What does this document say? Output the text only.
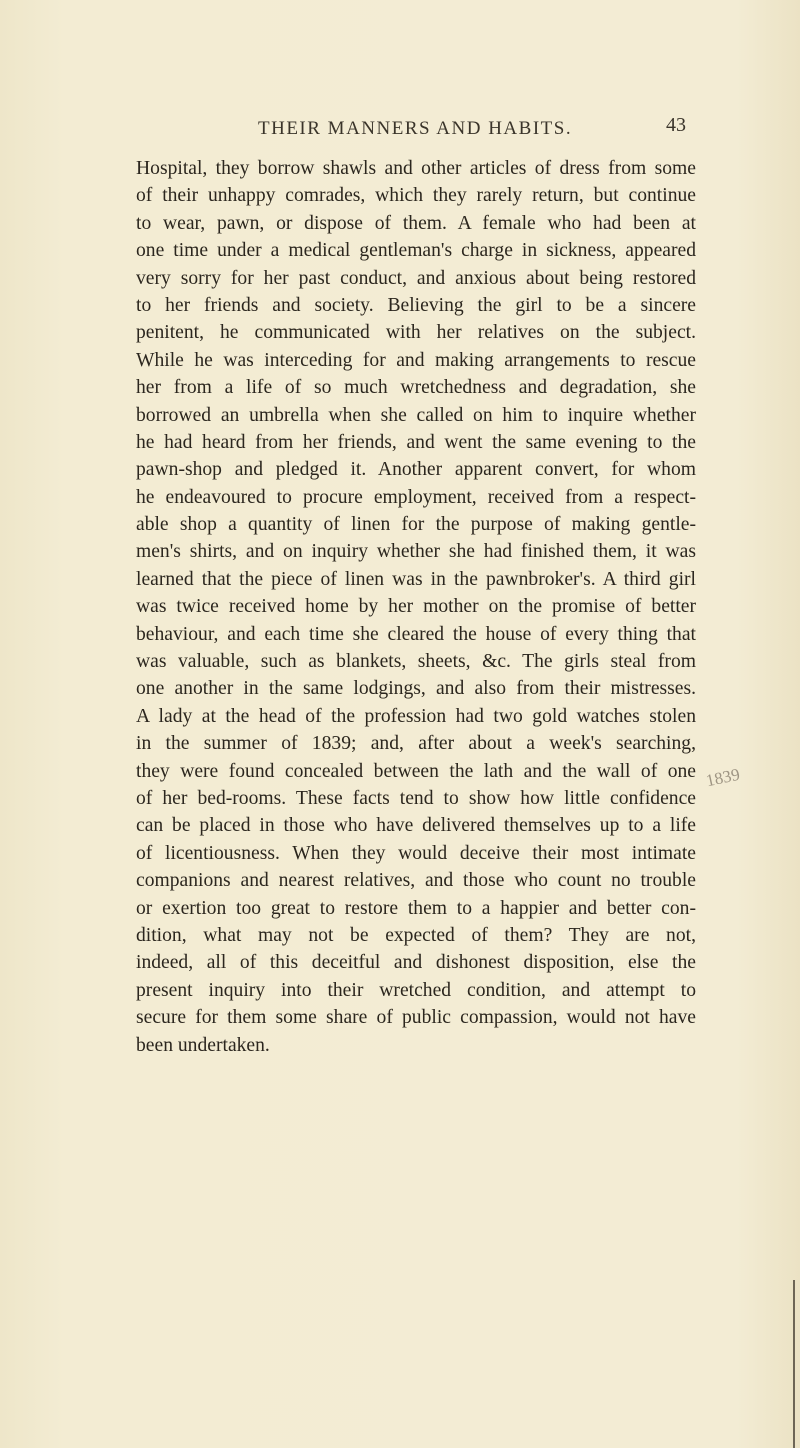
THEIR MANNERS AND HABITS.	43
Hospital, they borrow shawls and other articles of dress from some
of their unhappy comrades, which they rarely return, but continue
to wear, pawn, or dispose of them. A female who had been at
one time under a medical gentleman's charge in sickness, appeared
very sorry for her past conduct, and anxious about being restored
to her friends and society. Believing the girl to be a sincere
penitent, he communicated with her relatives on the subject.
While he was interceding for and making arrangements to rescue
her from a life of so much wretchedness and degradation, she
borrowed an umbrella when she called on him to inquire whether
he had heard from her friends, and went the same evening to the
pawn-shop and pledged it. Another apparent convert, for whom
he endeavoured to procure employment, received from a respect-
able shop a quantity of linen for the purpose of making gentle-
men's shirts, and on inquiry whether she had finished them, it was
learned that the piece of linen was in the pawnbroker's. A third girl
was twice received home by her mother on the promise of better
behaviour, and each time she cleared the house of every thing that
was valuable, such as blankets, sheets, &c. The girls steal from
one another in the same lodgings, and also from their mistresses.
A lady at the head of the profession had two gold watches stolen
in the summer of 1839; and, after about a week's searching,
they were found concealed between the lath and the wall of one
of her bed-rooms. These facts tend to show how little confidence
can be placed in those who have delivered themselves up to a life
of licentiousness. When they would deceive their most intimate
companions and nearest relatives, and those who count no trouble
or exertion too great to restore them to a happier and better con-
dition, what may not be expected of them? They are not,
indeed, all of this deceitful and dishonest disposition, else the
present inquiry into their wretched condition, and attempt to
secure for them some share of public compassion, would not have
been undertaken.
1839
